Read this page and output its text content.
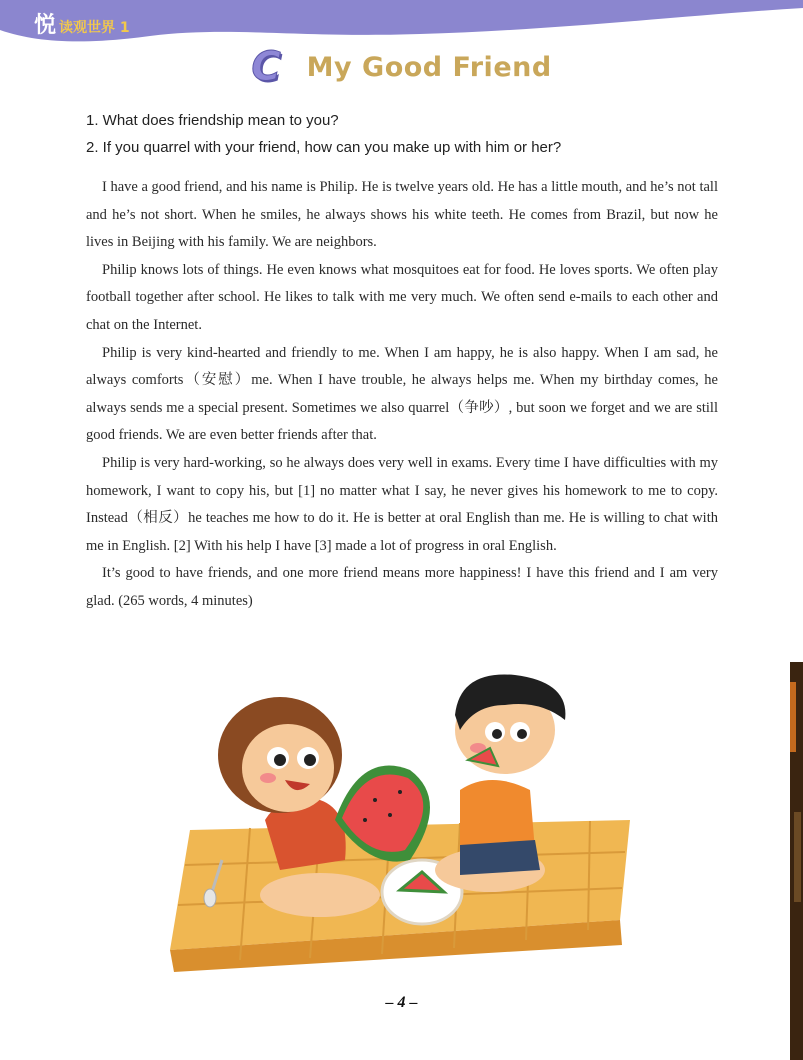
悦 读观世界 1
C My Good Friend
1. What does friendship mean to you?
2. If you quarrel with your friend, how can you make up with him or her?

I have a good friend, and his name is Philip. He is twelve years old. He has a little mouth, and he’s not tall and he’s not short. When he smiles, he always shows his white teeth. He comes from Brazil, but now he lives in Beijing with his family. We are neighbors.

Philip knows lots of things. He even knows what mosquitoes eat for food. He loves sports. We often play football together after school. He likes to talk with me very much. We often send e-mails to each other and chat on the Internet.

Philip is very kind-hearted and friendly to me. When I am happy, he is also happy. When I am sad, he always comforts（安慰）me. When I have trouble, he always helps me. When my birthday comes, he always sends me a special present. Sometimes we also quarrel（争吵）, but soon we forget and we are still good friends. We are even better friends after that.

Philip is very hard-working, so he always does very well in exams. Every time I have difficulties with my homework, I want to copy his, but [1] no matter what I say, he never gives his homework to me to copy. Instead（相反）he teaches me how to do it. He is better at oral English than me. He is willing to chat with me in English. [2] With his help I have [3] made a lot of progress in oral English.

It’s good to have friends, and one more friend means more happiness! I have this friend and I am very glad. (265 words, 4 minutes)

– 4 –
